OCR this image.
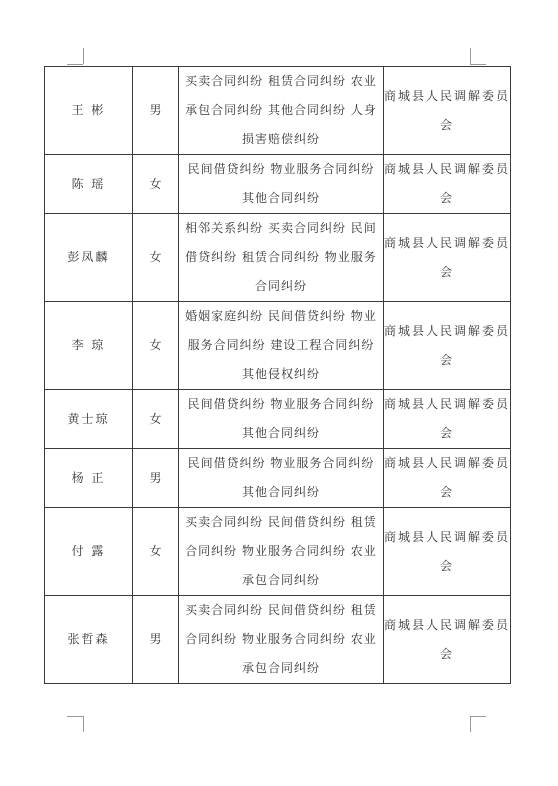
王 彬	男	买卖合同纠纷 租赁合同纠纷 农业承包合同纠纷 其他合同纠纷 人身损害赔偿纠纷	商城县人民调解委员会
陈 瑶	女	民间借贷纠纷 物业服务合同纠纷 其他合同纠纷	商城县人民调解委员会
彭凤麟	女	相邻关系纠纷 买卖合同纠纷 民间借贷纠纷 租赁合同纠纷 物业服务合同纠纷	商城县人民调解委员会
李 琼	女	婚姻家庭纠纷 民间借贷纠纷 物业服务合同纠纷 建设工程合同纠纷 其他侵权纠纷	商城县人民调解委员会
黄士琼	女	民间借贷纠纷 物业服务合同纠纷 其他合同纠纷	商城县人民调解委员会
杨 正	男	民间借贷纠纷 物业服务合同纠纷 其他合同纠纷	商城县人民调解委员会
付 露	女	买卖合同纠纷 民间借贷纠纷 租赁合同纠纷 物业服务合同纠纷 农业承包合同纠纷	商城县人民调解委员会
张哲森	男	买卖合同纠纷 民间借贷纠纷 租赁合同纠纷 物业服务合同纠纷 农业承包合同纠纷	商城县人民调解委员会
